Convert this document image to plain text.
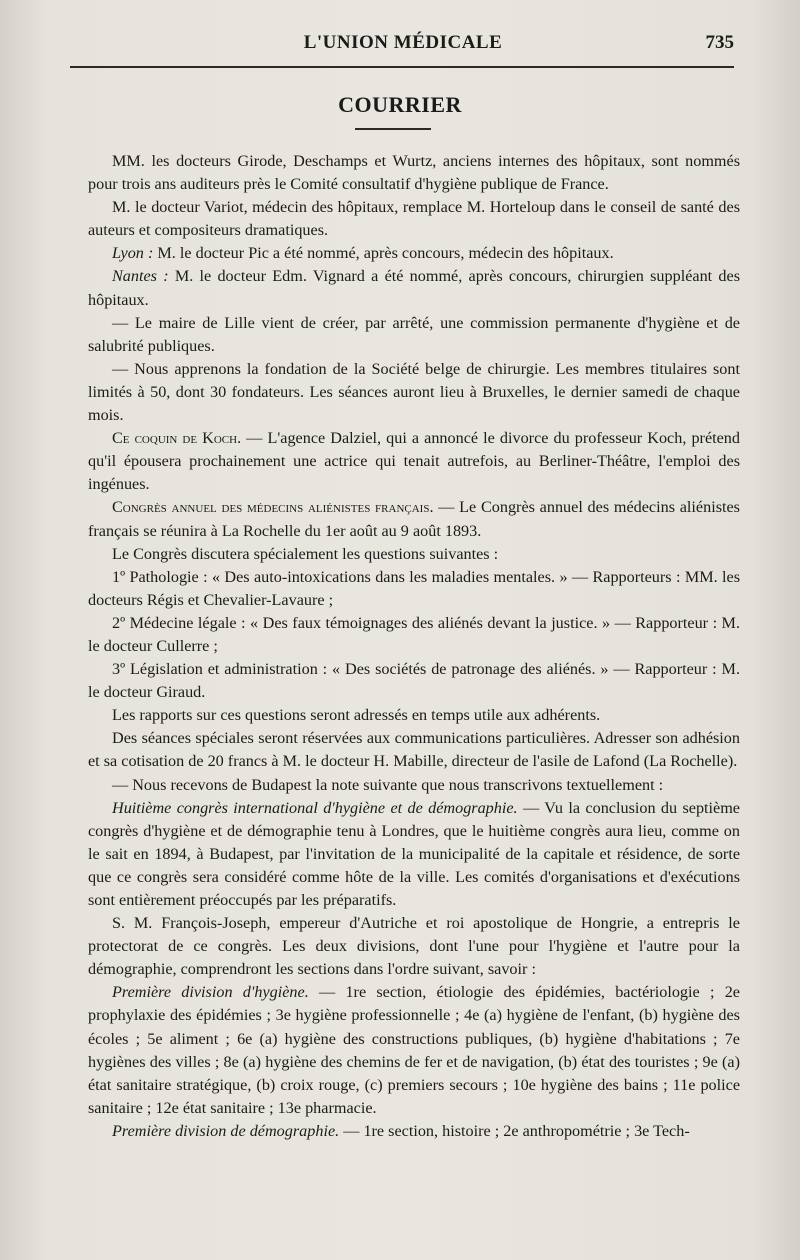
L'UNION MÉDICALE	735
COURRIER

MM. les docteurs Girode, Deschamps et Wurtz, anciens internes des hôpitaux, sont nommés pour trois ans auditeurs près le Comité consultatif d'hygiène publique de France.

M. le docteur Variot, médecin des hôpitaux, remplace M. Horteloup dans le conseil de santé des auteurs et compositeurs dramatiques.

Lyon : M. le docteur Pic a été nommé, après concours, médecin des hôpitaux.

Nantes : M. le docteur Edm. Vignard a été nommé, après concours, chirurgien suppléant des hôpitaux.

— Le maire de Lille vient de créer, par arrêté, une commission permanente d'hygiène et de salubrité publiques.

— Nous apprenons la fondation de la Société belge de chirurgie. Les membres titulaires sont limités à 50, dont 30 fondateurs. Les séances auront lieu à Bruxelles, le dernier samedi de chaque mois.

Ce coquin de Koch. — L'agence Dalziel, qui a annoncé le divorce du professeur Koch, prétend qu'il épousera prochainement une actrice qui tenait autrefois, au Berliner-Théâtre, l'emploi des ingénues.

Congrès annuel des médecins aliénistes français. — Le Congrès annuel des médecins aliénistes français se réunira à La Rochelle du 1er août au 9 août 1893.

Le Congrès discutera spécialement les questions suivantes :

1º Pathologie : « Des auto-intoxications dans les maladies mentales. » — Rapporteurs : MM. les docteurs Régis et Chevalier-Lavaure ;

2º Médecine légale : « Des faux témoignages des aliénés devant la justice. » — Rapporteur : M. le docteur Cullerre ;

3º Législation et administration : « Des sociétés de patronage des aliénés. » — Rapporteur : M. le docteur Giraud.

Les rapports sur ces questions seront adressés en temps utile aux adhérents.

Des séances spéciales seront réservées aux communications particulières. Adresser son adhésion et sa cotisation de 20 francs à M. le docteur H. Mabille, directeur de l'asile de Lafond (La Rochelle).

— Nous recevons de Budapest la note suivante que nous transcrivons textuellement :

Huitième congrès international d'hygiène et de démographie. — Vu la conclusion du septième congrès d'hygiène et de démographie tenu à Londres, que le huitième congrès aura lieu, comme on le sait en 1894, à Budapest, par l'invitation de la municipalité de la capitale et résidence, de sorte que ce congrès sera considéré comme hôte de la ville. Les comités d'organisations et d'exécutions sont entièrement préoccupés par les préparatifs.

S. M. François-Joseph, empereur d'Autriche et roi apostolique de Hongrie, a entrepris le protectorat de ce congrès. Les deux divisions, dont l'une pour l'hygiène et l'autre pour la démographie, comprendront les sections dans l'ordre suivant, savoir :

Première division d'hygiène. — 1re section, étiologie des épidémies, bactériologie ; 2e prophylaxie des épidémies ; 3e hygiène professionnelle ; 4e (a) hygiène de l'enfant, (b) hygiène des écoles ; 5e aliment ; 6e (a) hygiène des constructions publiques, (b) hygiène d'habitations ; 7e hygiènes des villes ; 8e (a) hygiène des chemins de fer et de navigation, (b) état des touristes ; 9e (a) état sanitaire stratégique, (b) croix rouge, (c) premiers secours ; 10e hygiène des bains ; 11e police sanitaire ; 12e état sanitaire ; 13e pharmacie.

Première division de démographie. — 1re section, histoire ; 2e anthropométrie ; 3e Tech-
